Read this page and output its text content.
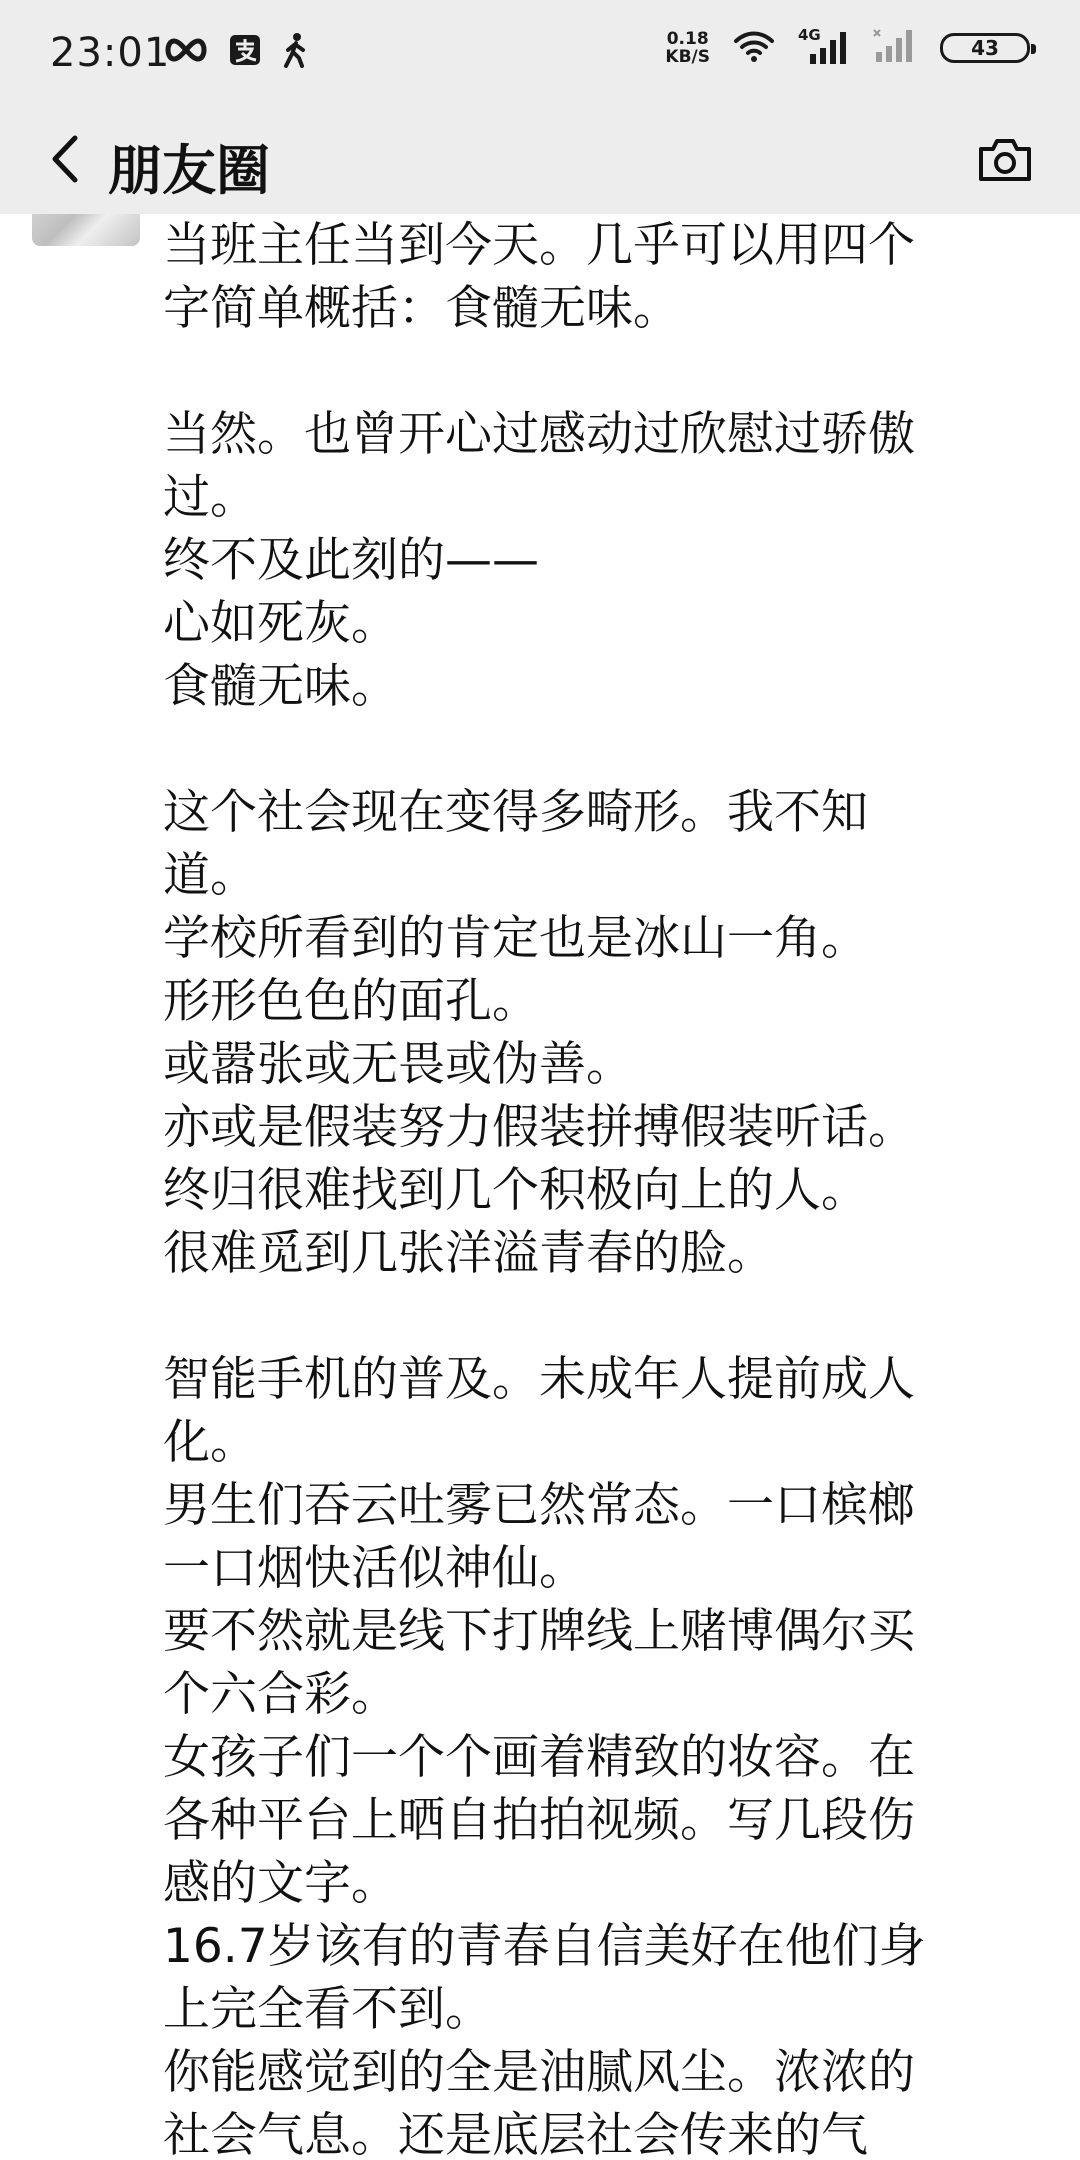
23:01	0.18
KB/S
4G
43
朋友圈
当班主任当到今天。几乎可以用四个
字简单概括：食髓无味。
当然。也曾开心过感动过欣慰过骄傲
过。
终不及此刻的——
心如死灰。
食髓无味。
这个社会现在变得多畸形。我不知
道。
学校所看到的肯定也是冰山一角。
形形色色的面孔。
或嚣张或无畏或伪善。
亦或是假装努力假装拼搏假装听话。
终归很难找到几个积极向上的人。
很难觅到几张洋溢青春的脸。
智能手机的普及。未成年人提前成人
化。
男生们吞云吐雾已然常态。一口槟榔
一口烟快活似神仙。
要不然就是线下打牌线上赌博偶尔买
个六合彩。
女孩子们一个个画着精致的妆容。在
各种平台上晒自拍拍视频。写几段伤
感的文字。
16.7岁该有的青春自信美好在他们身
上完全看不到。
你能感觉到的全是油腻风尘。浓浓的
社会气息。还是底层社会传来的气
